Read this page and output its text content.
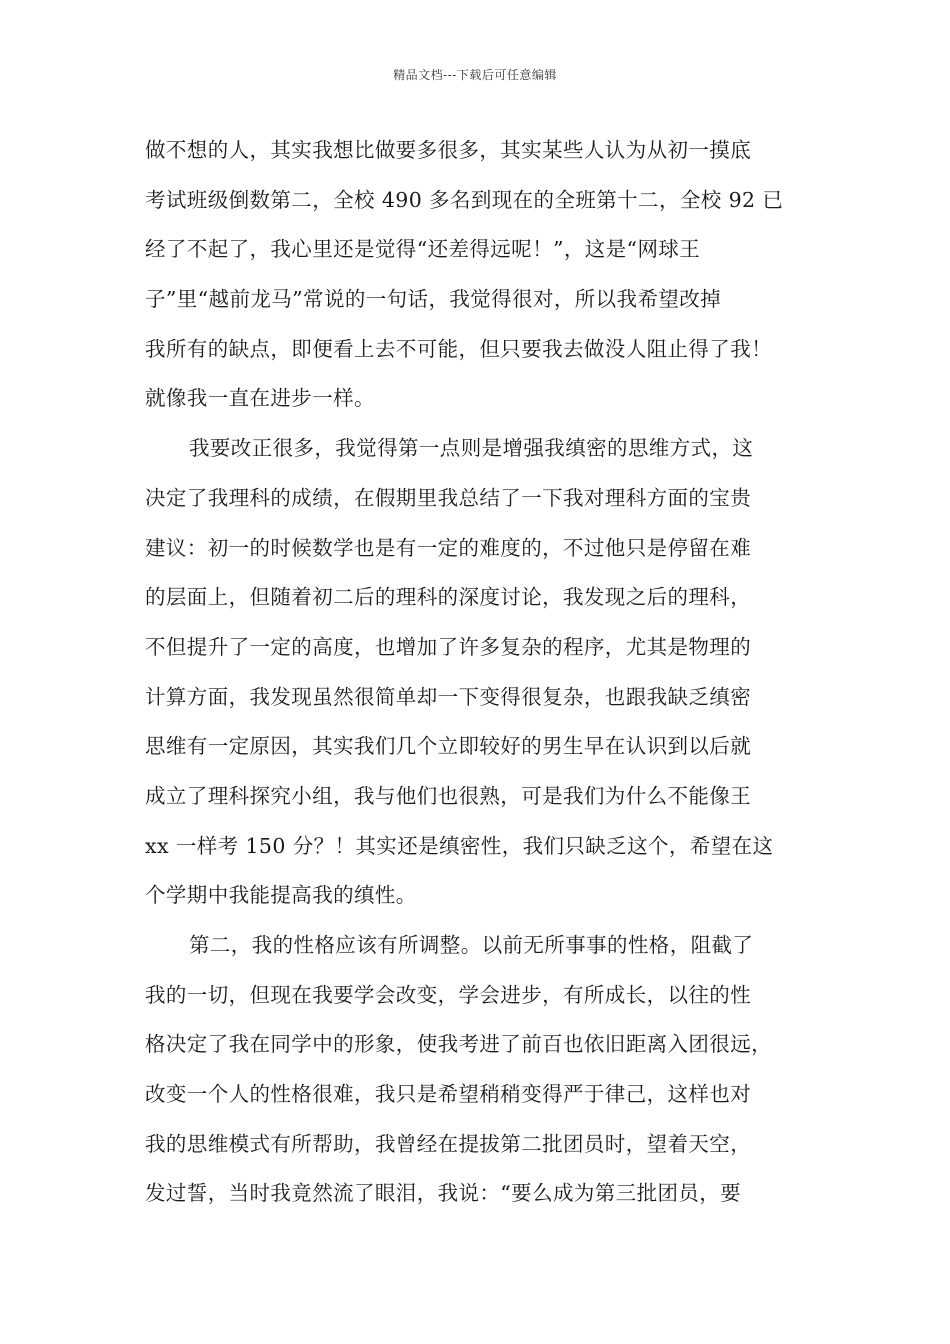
精品文档---下载后可任意编辑
做不想的人，其实我想比做要多很多，其实某些人认为从初一摸底
考试班级倒数第二，全校 490 多名到现在的全班第十二，全校 92 已
经了不起了，我心里还是觉得“还差得远呢！”，这是“网球王
子”里“越前龙马”常说的一句话，我觉得很对，所以我希望改掉
我所有的缺点，即便看上去不可能，但只要我去做没人阻止得了我！
就像我一直在进步一样。
我要改正很多，我觉得第一点则是增强我缜密的思维方式，这
决定了我理科的成绩，在假期里我总结了一下我对理科方面的宝贵
建议：初一的时候数学也是有一定的难度的，不过他只是停留在难
的层面上，但随着初二后的理科的深度讨论，我发现之后的理科，
不但提升了一定的高度，也增加了许多复杂的程序，尤其是物理的
计算方面，我发现虽然很简单却一下变得很复杂，也跟我缺乏缜密
思维有一定原因，其实我们几个立即较好的男生早在认识到以后就
成立了理科探究小组，我与他们也很熟，可是我们为什么不能像王
xx 一样考 150 分？！其实还是缜密性，我们只缺乏这个，希望在这
个学期中我能提高我的缜性。
第二，我的性格应该有所调整。以前无所事事的性格，阻截了
我的一切，但现在我要学会改变，学会进步，有所成长，以往的性
格决定了我在同学中的形象，使我考进了前百也依旧距离入团很远，
改变一个人的性格很难，我只是希望稍稍变得严于律己，这样也对
我的思维模式有所帮助，我曾经在提拔第二批团员时，望着天空，
发过誓，当时我竟然流了眼泪，我说：“要么成为第三批团员，要
